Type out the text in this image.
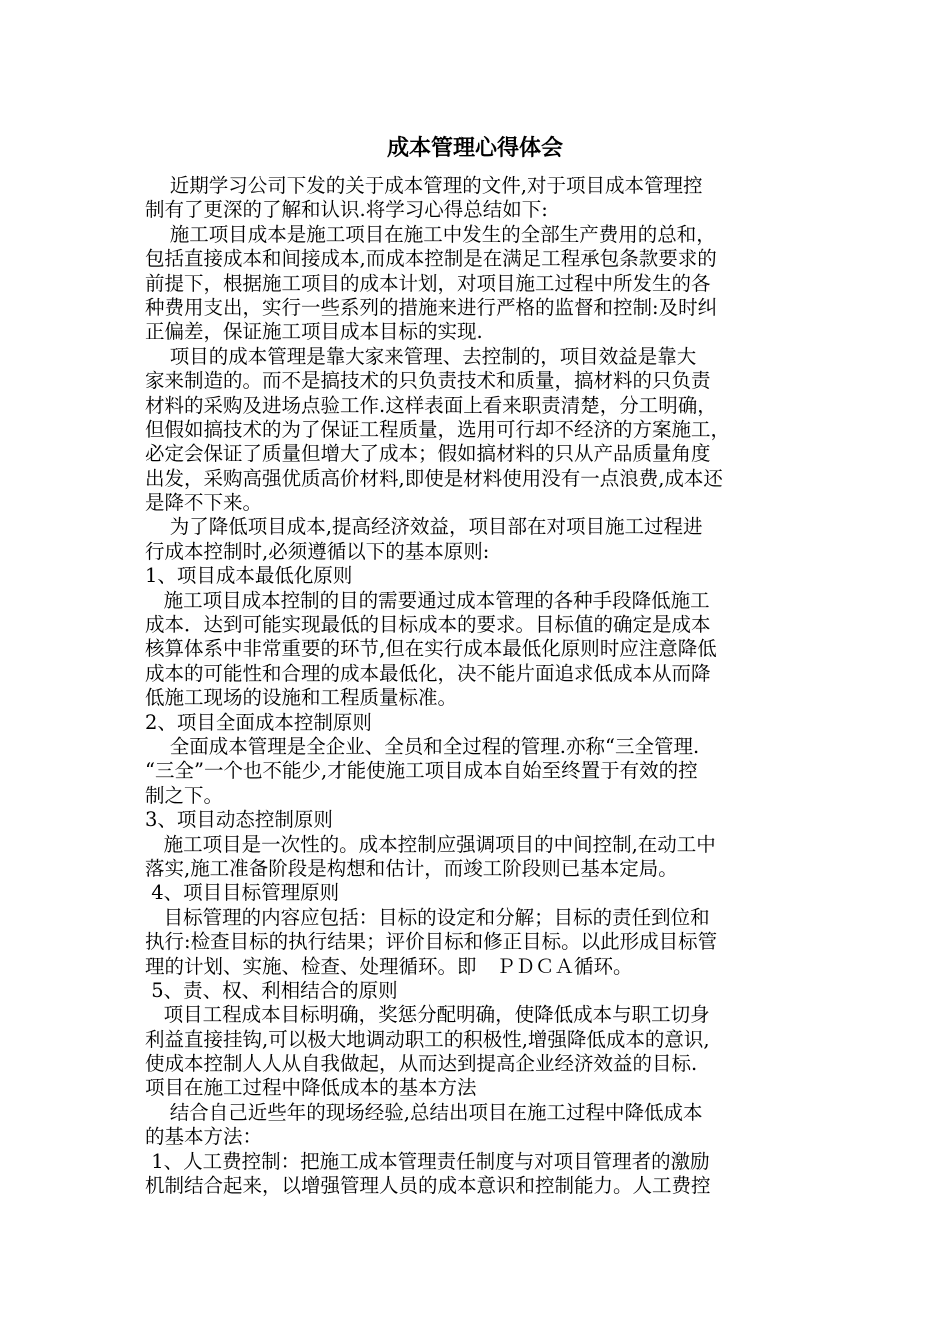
成本管理心得体会
近期学习公司下发的关于成本管理的文件,对于项目成本管理控
制有了更深的了解和认识.将学习心得总结如下:
施工项目成本是施工项目在施工中发生的全部生产费用的总和，
包括直接成本和间接成本,而成本控制是在满足工程承包条款要求的
前提下，根据施工项目的成本计划，对项目施工过程中所发生的各
种费用支出，实行一些系列的措施来进行严格的监督和控制:及时纠
正偏差，保证施工项目成本目标的实现.
项目的成本管理是靠大家来管理、去控制的，项目效益是靠大
家来制造的。而不是搞技术的只负责技术和质量，搞材料的只负责
材料的采购及进场点验工作.这样表面上看来职责清楚，分工明确，
但假如搞技术的为了保证工程质量，选用可行却不经济的方案施工，
必定会保证了质量但增大了成本；假如搞材料的只从产品质量角度
出发，采购高强优质高价材料,即使是材料使用没有一点浪费,成本还
是降不下来。
为了降低项目成本,提高经济效益，项目部在对项目施工过程进
行成本控制时,必须遵循以下的基本原则:
1、项目成本最低化原则
施工项目成本控制的目的需要通过成本管理的各种手段降低施工
成本．达到可能实现最低的目标成本的要求。目标值的确定是成本
核算体系中非常重要的环节,但在实行成本最低化原则时应注意降低
成本的可能性和合理的成本最低化，决不能片面追求低成本从而降
低施工现场的设施和工程质量标准。
2、项目全面成本控制原则
全面成本管理是全企业、全员和全过程的管理.亦称“三全管理.
“三全”一个也不能少,才能使施工项目成本自始至终置于有效的控
制之下。
3、项目动态控制原则
施工项目是一次性的。成本控制应强调项目的中间控制,在动工中
落实,施工准备阶段是构想和估计，而竣工阶段则已基本定局。
4、项目目标管理原则
目标管理的内容应包括：目标的设定和分解；目标的责任到位和
执行:检查目标的执行结果；评价目标和修正目标。以此形成目标管
理的计划、实施、检查、处理循环。即　ＰＤＣＡ循环。
5、责、权、利相结合的原则
项目工程成本目标明确，奖惩分配明确，使降低成本与职工切身
利益直接挂钩,可以极大地调动职工的积极性,增强降低成本的意识,
使成本控制人人从自我做起，从而达到提高企业经济效益的目标.
项目在施工过程中降低成本的基本方法
结合自己近些年的现场经验,总结出项目在施工过程中降低成本
的基本方法：
1、人工费控制：把施工成本管理责任制度与对项目管理者的激励
机制结合起来，以增强管理人员的成本意识和控制能力。人工费控
